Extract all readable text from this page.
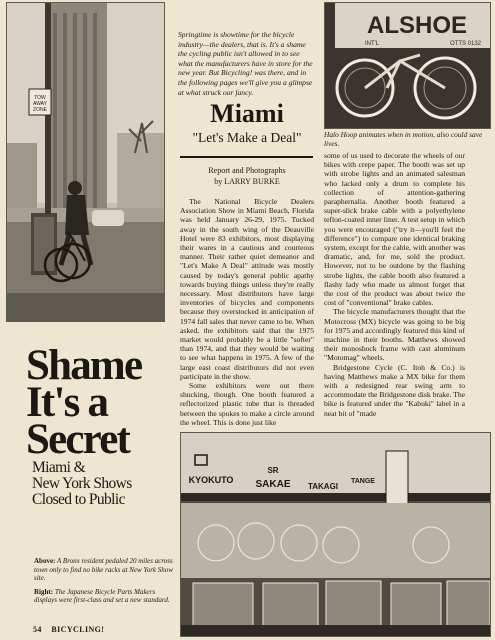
TOW
AWAY
ZONE
ALSHOE
INT'L	OTTS 0132

Springtime is showtime for the bicycle industry—the dealers, that is. It's a shame the cycling public isn't allowed in to see what the manufacturers have in store for the new year. But Bicycling! was there, and in the following pages we'll give you a glimpse at what struck our fancy.

Miami
"Let's Make a Deal"
Report and Photographs
by LARRY BURKE

Halo Hoop animates when in motion, also could save lives.

The National Bicycle Dealers Association Show in Miami Beach, Florida was held January 26-29, 1975. Tucked away in the south wing of the Deauville Hotel were 83 exhibitors, most displaying their wares in a cautious and courteous manner. Their rather quiet demeanor and "Let's Make A Deal" attitude was mostly caused by today's general public apathy towards buying things unless they're really necessary. Most distributors have large inventories of bicycles and components because they overstocked in anticipation of 1974 fall sales that never came to be. When asked, the exhibitors said that the 1975 market would probably be a little "softer" than 1974, and that they would be waiting to see what happens in 1975. A few of the large east coast distributors did not even participate in the show.

Some exhibitors were out there shucking, though. One booth featured a reflectorized plastic tube that is threaded between the spokes to make a circle around the wheel. This is done just like

some of us used to decorate the wheels of our bikes with crepe paper. The booth was set up with strobe lights and an animated salesman who lacked only a drum to complete his collection of attention-gathering paraphernalia. Another booth featured a super-slick brake cable with a polyethylene teflon-coated inner liner. A test setup in which you were encouraged ("try it—you'll feel the difference") to compare one identical braking system, except for the cable, with another was dramatic, and, for me, sold the product. However, not to be outdone by the flashing strobe lights, the cable booth also featured a flashy lady who made us almost forget that the cost of the product was about twice the cost of "conventional" brake cables.

The bicycle manufacturers thought that the Motocross (MX) bicycle was going to be big for 1975 and accordingly featured this kind of machine in their booths. Matthews showed their monoshock frame with cast aluminum "Motomag" wheels.

Bridgestone Cycle (C. Itoh & Co.) is having Matthews make a MX bike for them with a redesigned rear swing arm to accommodate the Bridgestone disk brake. The bike is featured under the "Kabuki" label in a neat bit of "made

Shame
It's a
Secret
Miami &
New York Shows
Closed to Public
KYOKUTO
SR
SAKAE TAKAGI
TANGE

Above: A Bronx resident pedaled 20 miles across town only to find no bike racks at New York Show site.

Right: The Japanese Bicycle Parts Makers displays were first-class and set a new standard.

54 BICYCLING!
